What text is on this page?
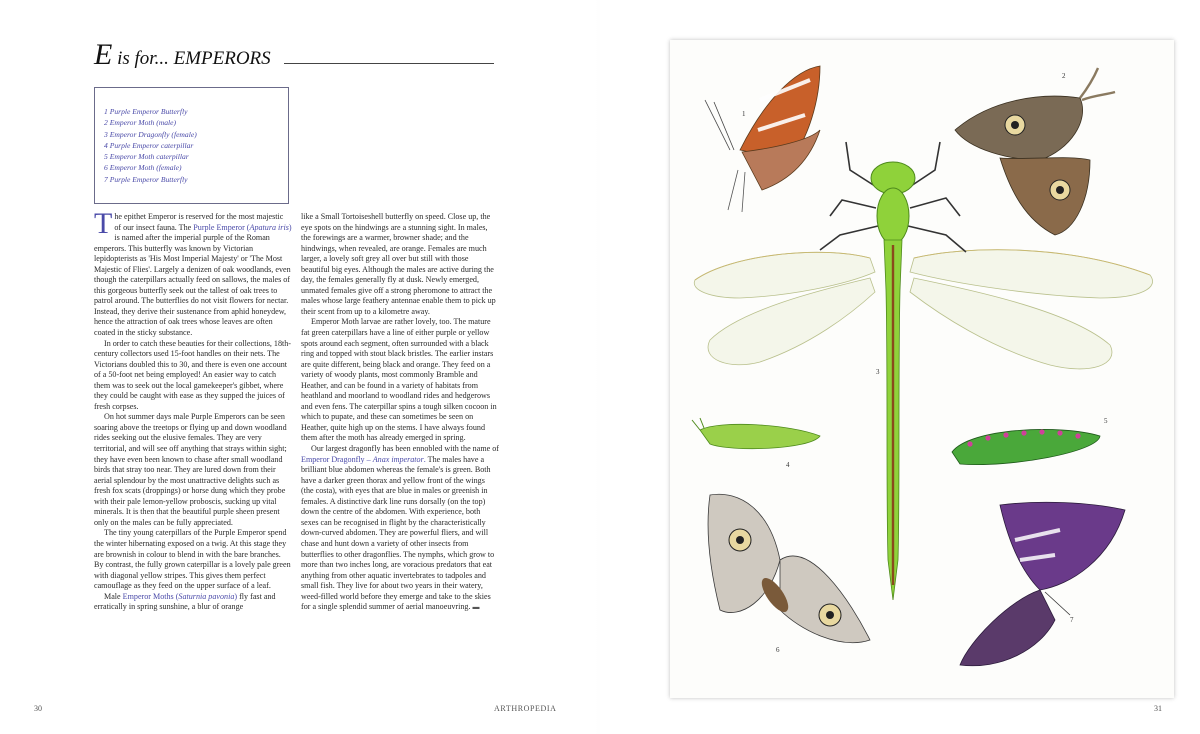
E is for... EMPERORS
1 Purple Emperor Butterfly
2 Emperor Moth (male)
3 Emperor Dragonfly (female)
4 Purple Emperor caterpillar
5 Emperor Moth caterpillar
6 Emperor Moth (female)
7 Purple Emperor Butterfly

The epithet Emperor is reserved for the most majestic of our insect fauna. The Purple Emperor (Apatura iris) is named after the imperial purple of the Roman emperors. This butterfly was known by Victorian lepidopterists as 'His Most Imperial Majesty' or 'The Most Majestic of Flies'. Largely a denizen of oak woodlands, even though the caterpillars actually feed on sallows, the males of this gorgeous butterfly seek out the tallest of oak trees to patrol around. The butterflies do not visit flowers for nectar. Instead, they derive their sustenance from aphid honeydew, hence the attraction of oak trees whose leaves are often coated in the sticky substance.

In order to catch these beauties for their collections, 18th-century collectors used 15-foot handles on their nets. The Victorians doubled this to 30, and there is even one account of a 50-foot net being employed! An easier way to catch them was to seek out the local gamekeeper's gibbet, where they could be caught with ease as they supped the juices of fresh corpses.

On hot summer days male Purple Emperors can be seen soaring above the treetops or flying up and down woodland rides seeking out the elusive females. They are very territorial, and will see off anything that strays within sight; they have even been known to chase after small woodland birds that stray too near. They are lured down from their aerial splendour by the most unattractive delights such as fresh fox scats (droppings) or horse dung which they probe with their pale lemon-yellow proboscis, sucking up vital minerals. It is then that the beautiful purple sheen present only on the males can be fully appreciated.

The tiny young caterpillars of the Purple Emperor spend the winter hibernating exposed on a twig. At this stage they are brownish in colour to blend in with the bare branches. By contrast, the fully grown caterpillar is a lovely pale green with diagonal yellow stripes. This gives them perfect camouflage as they feed on the upper surface of a leaf.

Male Emperor Moths (Saturnia pavonia) fly fast and erratically in spring sunshine, a blur of orange

like a Small Tortoiseshell butterfly on speed. Close up, the eye spots on the hindwings are a stunning sight. In males, the forewings are a warmer, browner shade; and the hindwings, when revealed, are orange. Females are much larger, a lovely soft grey all over but still with those beautiful big eyes. Although the males are active during the day, the females generally fly at dusk. Newly emerged, unmated females give off a strong pheromone to attract the males whose large feathery antennae enable them to pick up their scent from up to a kilometre away.

Emperor Moth larvae are rather lovely, too. The mature fat green caterpillars have a line of either purple or yellow spots around each segment, often surrounded with a black ring and topped with stout black bristles. The earlier instars are quite different, being black and orange. They feed on a variety of woody plants, most commonly Bramble and Heather, and can be found in a variety of habitats from heathland and moorland to woodland rides and hedgerows and even fens. The caterpillar spins a tough silken cocoon in which to pupate, and these can sometimes be seen on Heather, quite high up on the stems. I have always found them after the moth has already emerged in spring.

Our largest dragonfly has been ennobled with the name of Emperor Dragonfly – Anax imperator. The males have a brilliant blue abdomen whereas the female's is green. Both have a darker green thorax and yellow front of the wings (the costa), with eyes that are blue in males or greenish in females. A distinctive dark line runs dorsally (on the top) down the centre of the abdomen. With experience, both sexes can be recognised in flight by the characteristically down-curved abdomen. They are powerful fliers, and will chase and hunt down a variety of other insects from butterflies to other dragonflies. The nymphs, which grow to more than two inches long, are voracious predators that eat anything from other aquatic invertebrates to tadpoles and small fish. They live for about two years in their watery, weed-filled world before they emerge and take to the skies for a single splendid summer of aerial manoeuvring. ▬

30	ARTHROPEDIA	31
1
2
3
4
5
6
7
